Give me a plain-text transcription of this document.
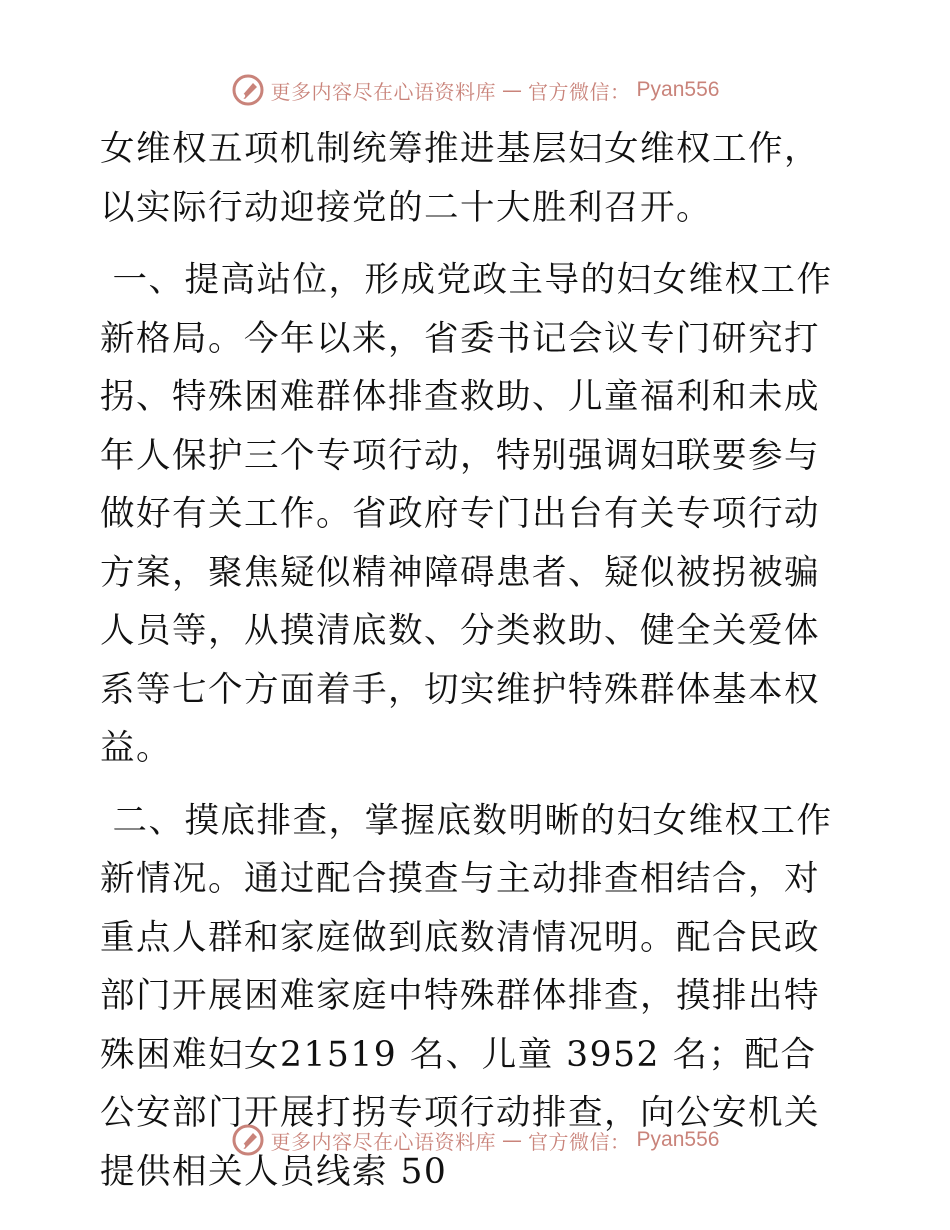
更多内容尽在心语资料库 — 官方微信： Pyan556

女维权五项机制统筹推进基层妇女维权工作，以实际行动迎接党的二十大胜利召开。

一、提高站位，形成党政主导的妇女维权工作新格局。今年以来，省委书记会议专门研究打拐、特殊困难群体排查救助、儿童福利和未成年人保护三个专项行动，特别强调妇联要参与做好有关工作。省政府专门出台有关专项行动方案，聚焦疑似精神障碍患者、疑似被拐被骗人员等，从摸清底数、分类救助、健全关爱体系等七个方面着手，切实维护特殊群体基本权益。

二、摸底排查，掌握底数明晰的妇女维权工作新情况。通过配合摸查与主动排查相结合，对重点人群和家庭做到底数清情况明。配合民政部门开展困难家庭中特殊群体排查，摸排出特殊困难妇女21519 名、儿童 3952 名；配合公安部门开展打拐专项行动排查，向公安机关提供相关人员线索 50

更多内容尽在心语资料库 — 官方微信： Pyan556
